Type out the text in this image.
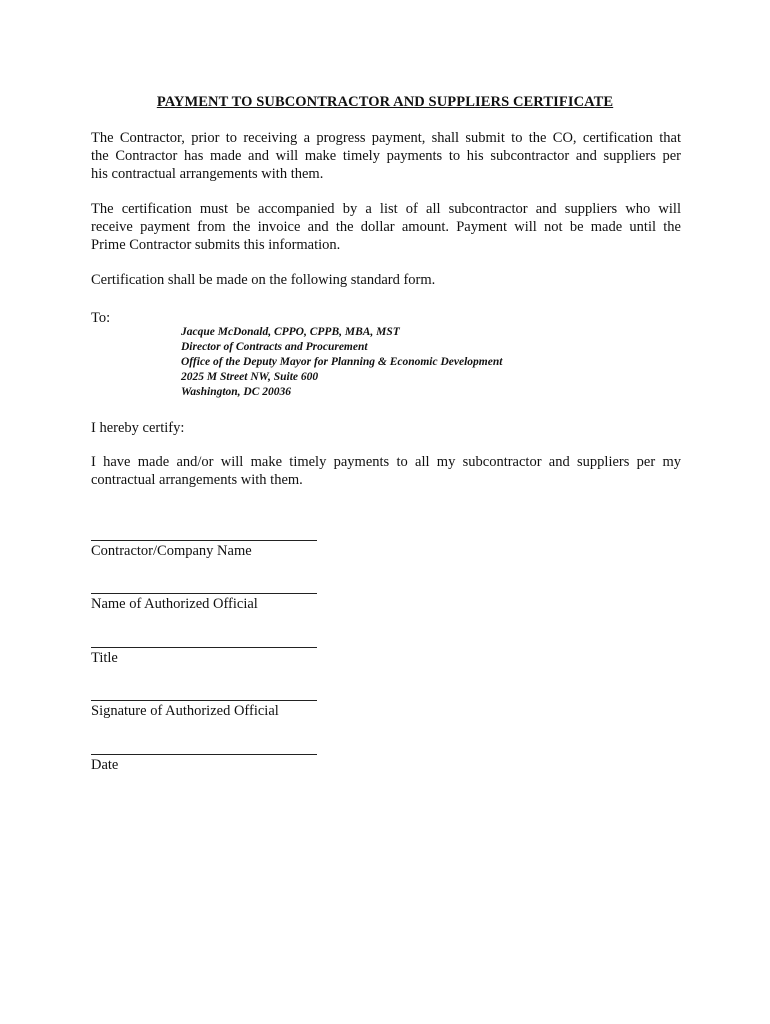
PAYMENT TO SUBCONTRACTOR AND SUPPLIERS CERTIFICATE
The Contractor, prior to receiving a progress payment, shall submit to the CO, certification that
the Contractor has made and will make timely payments to his subcontractor and suppliers per
his contractual arrangements with them.
The certification must be accompanied by a list of all subcontractor and suppliers who will
receive payment from the invoice and the dollar amount. Payment will not be made until the
Prime Contractor submits this information.
Certification shall be made on the following standard form.
To:
Jacque McDonald, CPPO, CPPB, MBA, MST
Director of Contracts and Procurement
Office of the Deputy Mayor for Planning & Economic Development
2025 M Street NW, Suite 600
Washington, DC 20036
I hereby certify:
I have made and/or will make timely payments to all my subcontractor and suppliers per my
contractual arrangements with them.
Contractor/Company Name
Name of Authorized Official
Title
Signature of Authorized Official
Date
